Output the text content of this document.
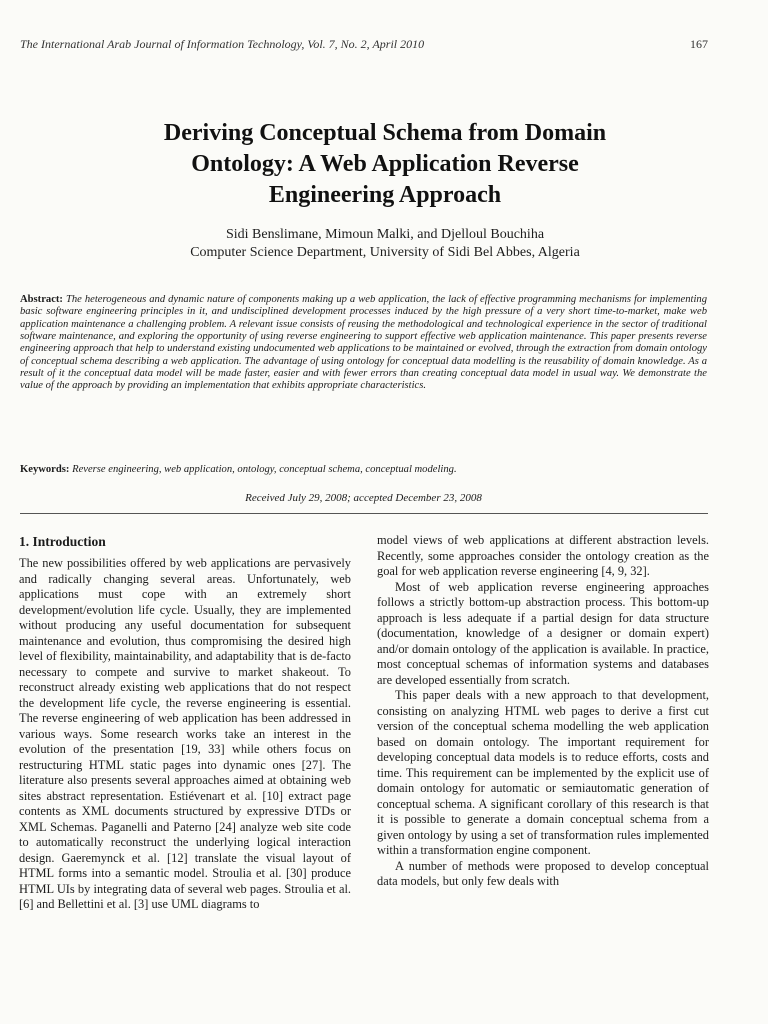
The International Arab Journal of Information Technology, Vol. 7, No. 2, April 2010	167
Deriving Conceptual Schema from Domain
Ontology: A Web Application Reverse
Engineering Approach
Sidi Benslimane, Mimoun Malki, and Djelloul Bouchiha
Computer Science Department, University of Sidi Bel Abbes, Algeria
Abstract: The heterogeneous and dynamic nature of components making up a web application, the lack of effective programming mechanisms for implementing basic software engineering principles in it, and undisciplined development processes induced by the high pressure of a very short time-to-market, make web application maintenance a challenging problem. A relevant issue consists of reusing the methodological and technological experience in the sector of traditional software maintenance, and exploring the opportunity of using reverse engineering to support effective web application maintenance. This paper presents reverse engineering approach that help to understand existing undocumented web applications to be maintained or evolved, through the extraction from domain ontology of conceptual schema describing a web application. The advantage of using ontology for conceptual data modelling is the reusability of domain knowledge. As a result of it the conceptual data model will be made faster, easier and with fewer errors than creating conceptual data model in usual way. We demonstrate the value of the approach by providing an implementation that exhibits appropriate characteristics.
Keywords: Reverse engineering, web application, ontology, conceptual schema, conceptual modeling.
Received July 29, 2008; accepted December 23, 2008
1. Introduction

The new possibilities offered by web applications are pervasively and radically changing several areas. Unfortunately, web applications must cope with an extremely short development/evolution life cycle. Usually, they are implemented without producing any useful documentation for subsequent maintenance and evolution, thus compromising the desired high level of flexibility, maintainability, and adaptability that is de-facto necessary to compete and survive to market shakeout. To reconstruct already existing web applications that do not respect the development life cycle, the reverse engineering is essential. The reverse engineering of web application has been addressed in various ways. Some research works take an interest in the evolution of the presentation [19, 33] while others focus on restructuring HTML static pages into dynamic ones [27]. The literature also presents several approaches aimed at obtaining web sites abstract representation. Estiévenart et al. [10] extract page contents as XML documents structured by expressive DTDs or XML Schemas. Paganelli and Paterno [24] analyze web site code to automatically reconstruct the underlying logical interaction design. Gaeremynck et al. [12] translate the visual layout of HTML forms into a semantic model. Stroulia et al. [30] produce HTML UIs by integrating data of several web pages. Stroulia et al. [6] and Bellettini et al. [3] use UML diagrams to

model views of web applications at different abstraction levels. Recently, some approaches consider the ontology creation as the goal for web application reverse engineering [4, 9, 32].

Most of web application reverse engineering approaches follows a strictly bottom-up abstraction process. This bottom-up approach is less adequate if a partial design for data structure (documentation, knowledge of a designer or domain expert) and/or domain ontology of the application is available. In practice, most conceptual schemas of information systems and databases are developed essentially from scratch.

This paper deals with a new approach to that development, consisting on analyzing HTML web pages to derive a first cut version of the conceptual schema modelling the web application based on domain ontology. The important requirement for developing conceptual data models is to reduce efforts, costs and time. This requirement can be implemented by the explicit use of domain ontology for automatic or semiautomatic generation of conceptual schema. A significant corollary of this research is that it is possible to generate a domain conceptual schema from a given ontology by using a set of transformation rules implemented within a transformation engine component.

A number of methods were proposed to develop conceptual data models, but only few deals with
